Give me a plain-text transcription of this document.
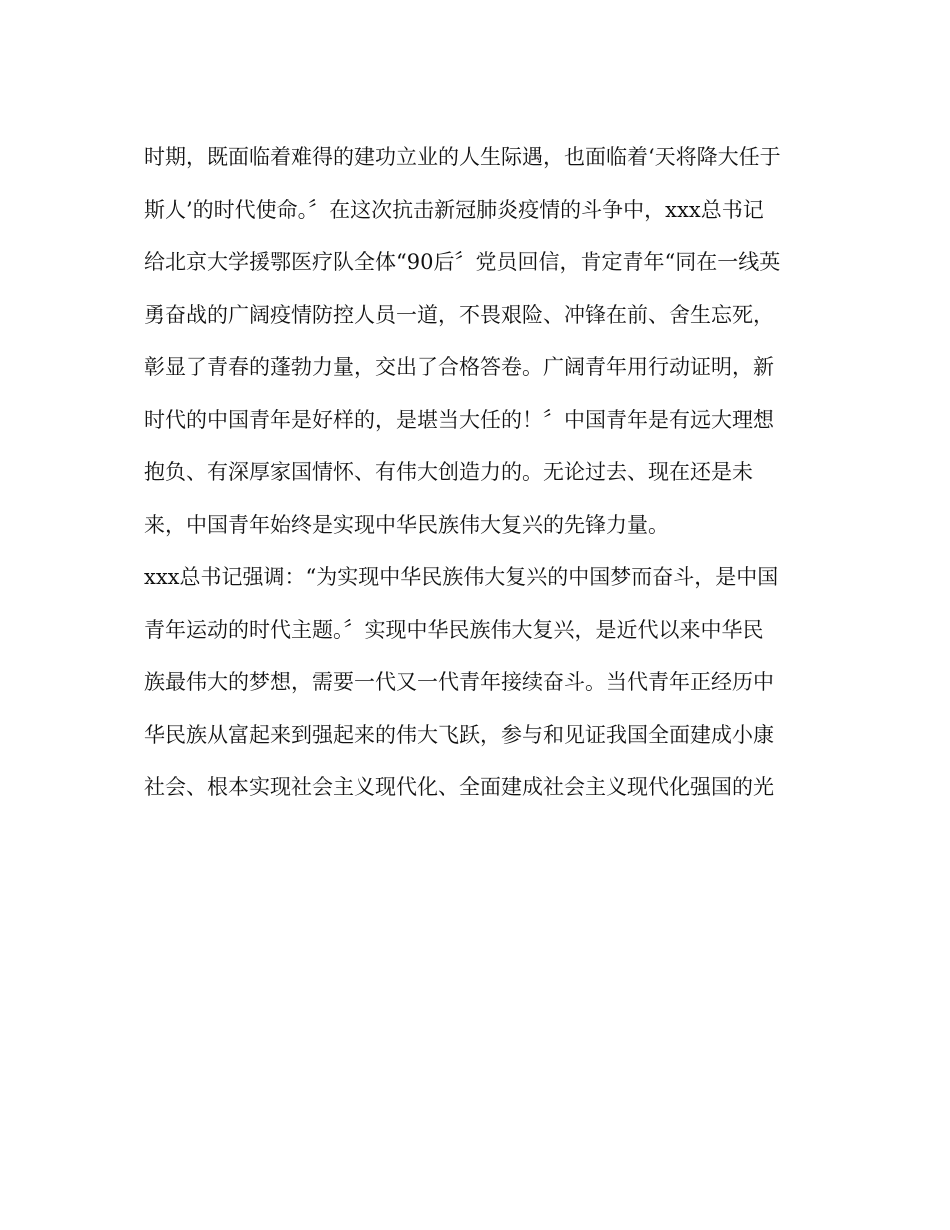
时期，既面临着难得的建功立业的人生际遇，也面临着‘天将降大任于
斯人’的时代使命。〞在这次抗击新冠肺炎疫情的斗争中，xxx总书记
给北京大学援鄂医疗队全体“90后〞党员回信，肯定青年“同在一线英
勇奋战的广阔疫情防控人员一道，不畏艰险、冲锋在前、舍生忘死，
彰显了青春的蓬勃力量，交出了合格答卷。广阔青年用行动证明，新
时代的中国青年是好样的，是堪当大任的！〞中国青年是有远大理想
抱负、有深厚家国情怀、有伟大创造力的。无论过去、现在还是未
来，中国青年始终是实现中华民族伟大复兴的先锋力量。
xxx总书记强调：“为实现中华民族伟大复兴的中国梦而奋斗，是中国
青年运动的时代主题。〞实现中华民族伟大复兴，是近代以来中华民
族最伟大的梦想，需要一代又一代青年接续奋斗。当代青年正经历中
华民族从富起来到强起来的伟大飞跃，参与和见证我国全面建成小康
社会、根本实现社会主义现代化、全面建成社会主义现代化强国的光
